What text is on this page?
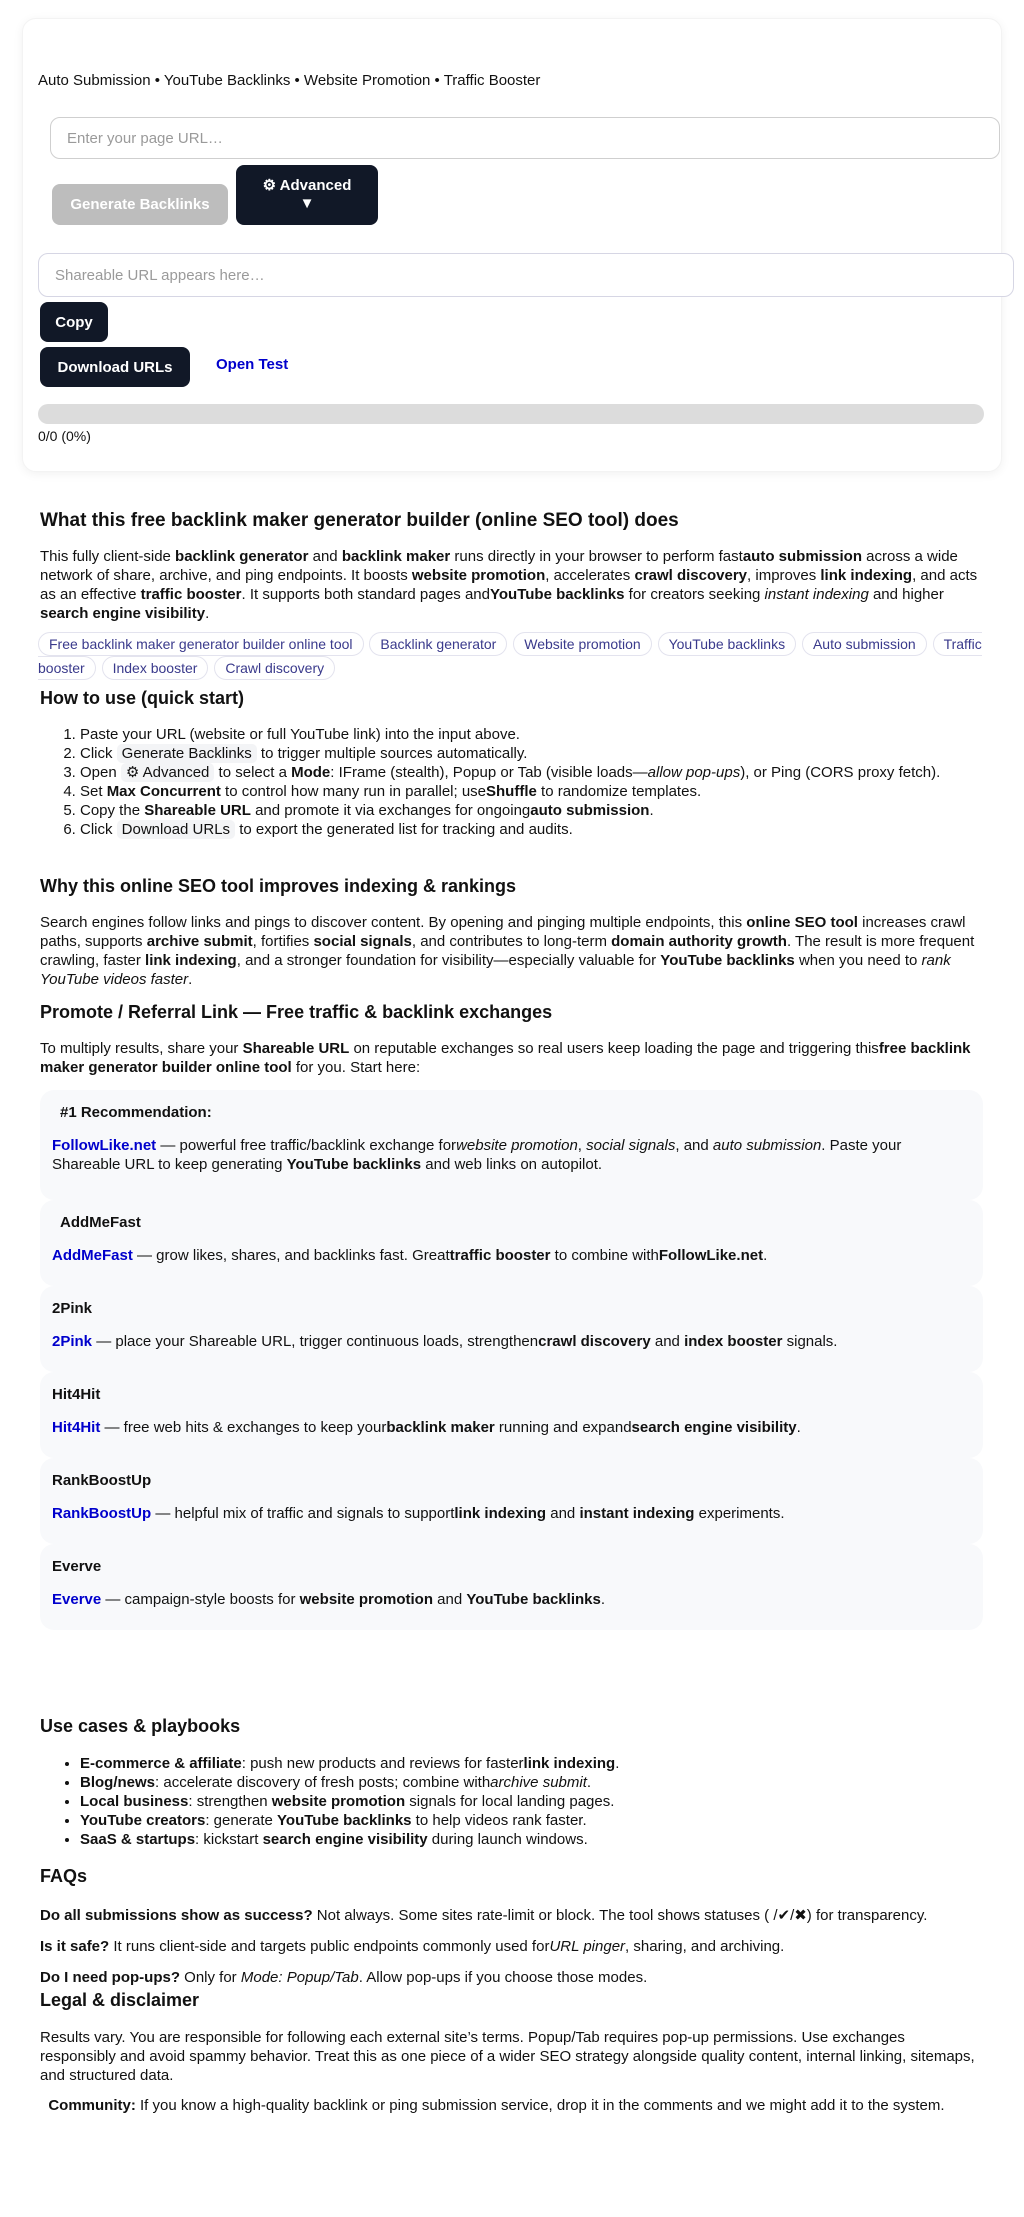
Auto Submission • YouTube Backlinks • Website Promotion • Traffic Booster
Enter your page URL…
Generate Backlinks
⚙ Advanced
▼
Shareable URL appears here…
Copy
Download URLs	Open Test
0/0 (0%)
What this free backlink maker generator builder (online SEO tool) does

This fully client-side backlink generator and backlink maker runs directly in your browser to perform fastauto submission across a wide network of share, archive, and ping endpoints. It boosts website promotion, accelerates crawl discovery, improves link indexing, and acts as an effective traffic booster. It supports both standard pages andYouTube backlinks for creators seeking instant indexing and higher search engine visibility.

Free backlink maker generator builder online tool Backlink generator Website promotion YouTube backlinks Auto submission Traffic booster Index booster Crawl discovery
How to use (quick start)
1. Paste your URL (website or full YouTube link) into the input above.
2. Click Generate Backlinks to trigger multiple sources automatically.
3. Open ⚙ Advanced to select a Mode: IFrame (stealth), Popup or Tab (visible loads—allow pop-ups), or Ping (CORS proxy fetch).
4. Set Max Concurrent to control how many run in parallel; useShuffle to randomize templates.
5. Copy the Shareable URL and promote it via exchanges for ongoingauto submission.
6. Click Download URLs to export the generated list for tracking and audits.
Why this online SEO tool improves indexing & rankings

Search engines follow links and pings to discover content. By opening and pinging multiple endpoints, this online SEO tool increases crawl paths, supports archive submit, fortifies social signals, and contributes to long-term domain authority growth. The result is more frequent crawling, faster link indexing, and a stronger foundation for visibility—especially valuable for YouTube backlinks when you need to rank YouTube videos faster.

Promote / Referral Link — Free traffic & backlink exchanges

To multiply results, share your Shareable URL on reputable exchanges so real users keep loading the page and triggering thisfree backlink maker generator builder online tool for you. Start here:

#1 Recommendation:

FollowLike.net — powerful free traffic/backlink exchange forwebsite promotion, social signals, and auto submission. Paste your Shareable URL to keep generating YouTube backlinks and web links on autopilot.

AddMeFast

AddMeFast — grow likes, shares, and backlinks fast. Greattraffic booster to combine withFollowLike.net.

2Pink

2Pink — place your Shareable URL, trigger continuous loads, strengthencrawl discovery and index booster signals.

Hit4Hit

Hit4Hit — free web hits & exchanges to keep yourbacklink maker running and expandsearch engine visibility.

RankBoostUp

RankBoostUp — helpful mix of traffic and signals to supportlink indexing and instant indexing experiments.

Everve

Everve — campaign-style boosts for website promotion and YouTube backlinks.

Use cases & playbooks
• E-commerce & affiliate: push new products and reviews for fasterlink indexing.
• Blog/news: accelerate discovery of fresh posts; combine witharchive submit.
• Local business: strengthen website promotion signals for local landing pages.
• YouTube creators: generate YouTube backlinks to help videos rank faster.
• SaaS & startups: kickstart search engine visibility during launch windows.
FAQs

Do all submissions show as success? Not always. Some sites rate-limit or block. The tool shows statuses ( /✔/✖) for transparency.

Is it safe? It runs client-side and targets public endpoints commonly used forURL pinger, sharing, and archiving.

Do I need pop-ups? Only for Mode: Popup/Tab. Allow pop-ups if you choose those modes.

Legal & disclaimer

Results vary. You are responsible for following each external site’s terms. Popup/Tab requires pop-up permissions. Use exchanges responsibly and avoid spammy behavior. Treat this as one piece of a wider SEO strategy alongside quality content, internal linking, sitemaps, and structured data.

Community: If you know a high-quality backlink or ping submission service, drop it in the comments and we might add it to the system.
